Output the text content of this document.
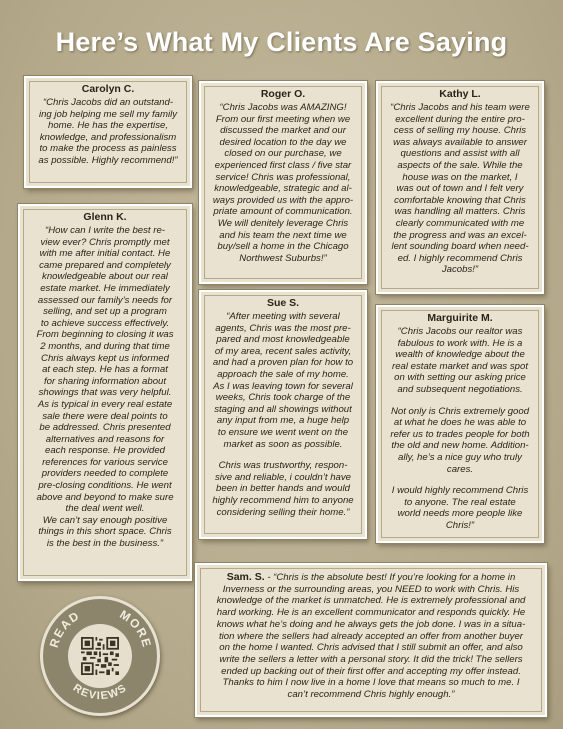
Here’s What My Clients Are Saying
Carolyn C.

“Chris Jacobs did an outstand-
ing job helping me sell my family
home. He has the expertise,
knowledge, and professionalism
to make the process as painless
as possible. Highly recommend!”

Roger O.

“Chris Jacobs was AMAZING!
From our first meeting when we
discussed the market and our
desired location to the day we
closed on our purchase, we
experienced first class / five star
service! Chris was professional,
knowledgeable, strategic and al-
ways provided us with the appro-
priate amount of communication.
We will denitely leverage Chris
and his team the next time we
buy/sell a home in the Chicago
Northwest Suburbs!”

Kathy L.

“Chris Jacobs and his team were
excellent during the entire pro-
cess of selling my house. Chris
was always available to answer
questions and assist with all
aspects of the sale. While the
house was on the market, I
was out of town and I felt very
comfortable knowing that Chris
was handling all matters. Chris
clearly communicated with me
the progress and was an excel-
lent sounding board when need-
ed. I highly recommend Chris
Jacobs!”

Glenn K.

“How can I write the best re-
view ever? Chris promptly met
with me after initial contact. He
came prepared and completely
knowledgeable about our real
estate market. He immediately
assessed our family’s needs for
selling, and set up a program
to achieve success effectively.
From beginning to closing it was
2 months, and during that time
Chris always kept us informed
at each step. He has a format
for sharing information about
showings that was very helpful.
As is typical in every real estate
sale there were deal points to
be addressed. Chris presented
alternatives and reasons for
each response. He provided
references for various service
providers needed to complete
pre-closing conditions. He went
above and beyond to make sure
the deal went well.
We can’t say enough positive
things in this short space. Chris
is the best in the business.”

Sue S.

“After meeting with several
agents, Chris was the most pre-
pared and most knowledgeable
of my area, recent sales activity,
and had a proven plan for how to
approach the sale of my home.
As I was leaving town for several
weeks, Chris took charge of the
staging and all showings without
any input from me, a huge help
to ensure we went went on the
market as soon as possible.

Chris was trustworthy, respon-
sive and reliable, i couldn’t have
been in better hands and would
highly recommend him to anyone
considering selling their home.”

Marguirite M.

“Chris Jacobs our realtor was
fabulous to work with. He is a
wealth of knowledge about the
real estate market and was spot
on with setting our asking price
and subsequent negotiations.

Not only is Chris extremely good
at what he does he was able to
refer us to trades people for both
the old and new home. Addition-
ally, he’s a nice guy who truly
cares.

I would highly recommend Chris
to anyone. The real estate
world needs more people like
Chris!”

Sam. S. - “Chris is the absolute best! If you’re looking for a home in
Inverness or the surrounding areas, you NEED to work with Chris. His
knowledge of the market is unmatched. He is extremely professional and
hard working. He is an excellent communicator and responds quickly. He
knows what he’s doing and he always gets the job done. I was in a situa-
tion where the sellers had already accepted an offer from another buyer
on the home I wanted. Chris advised that I still submit an offer, and also
write the sellers a letter with a personal story. It did the trick! The sellers
ended up backing out of their first offer and accepting my offer instead.
Thanks to him I now live in a home I love that means so much to me. I
can’t recommend Chris highly enough.”

READ	MORE
REVIEWS
